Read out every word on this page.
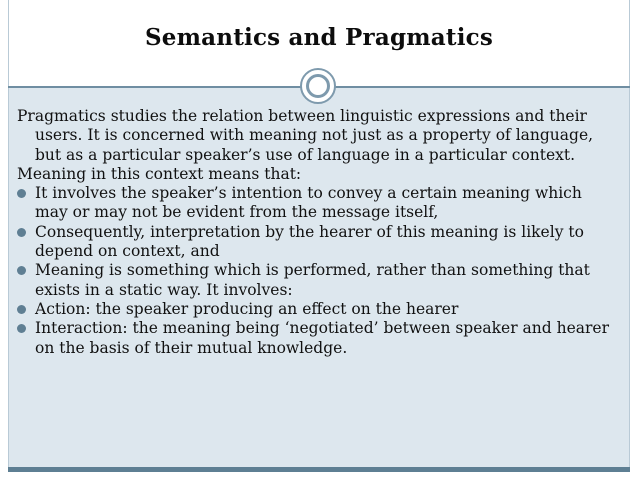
Semantics and Pragmatics
Pragmatics studies the relation between linguistic expressions and their users. It is concerned with meaning not just as a property of language, but as a particular speaker’s use of language in a particular context.
Meaning in this context means that:
It involves the speaker’s intention to convey a certain meaning which may or may not be evident from the message itself,
Consequently, interpretation by the hearer of this meaning is likely to depend on context, and
Meaning is something which is performed, rather than something that exists in a static way. It involves:
Action: the speaker producing an effect on the hearer
Interaction: the meaning being ‘negotiated’ between speaker and hearer on the basis of their mutual knowledge.
